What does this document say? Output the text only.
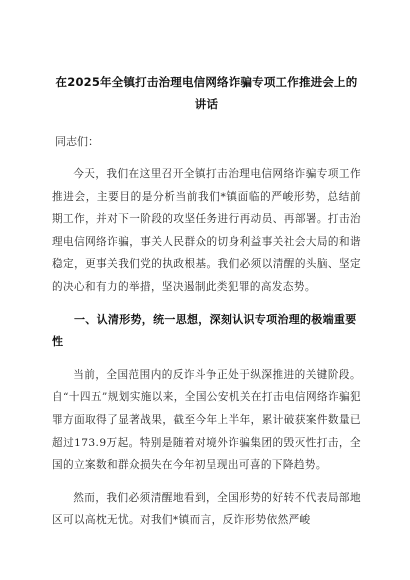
在2025年全镇打击治理电信网络诈骗专项工作推进会上的
讲话
同志们：

今天，我们在这里召开全镇打击治理电信网络诈骗专项工作推进会，主要目的是分析当前我们*镇面临的严峻形势，总结前期工作，并对下一阶段的攻坚任务进行再动员、再部署。打击治理电信网络诈骗，事关人民群众的切身利益事关社会大局的和谐稳定，更事关我们党的执政根基。我们必须以清醒的头脑、坚定的决心和有力的举措，坚决遏制此类犯罪的高发态势。

一、认清形势，统一思想，深刻认识专项治理的极端重要性

当前，全国范围内的反诈斗争正处于纵深推进的关键阶段。自“十四五”规划实施以来，全国公安机关在打击电信网络诈骗犯罪方面取得了显著战果，截至今年上半年，累计破获案件数量已超过173.9万起。特别是随着对境外诈骗集团的毁灭性打击，全国的立案数和群众损失在今年初呈现出可喜的下降趋势。

然而，我们必须清醒地看到，全国形势的好转不代表局部地区可以高枕无忧。对我们*镇而言，反诈形势依然严峻
